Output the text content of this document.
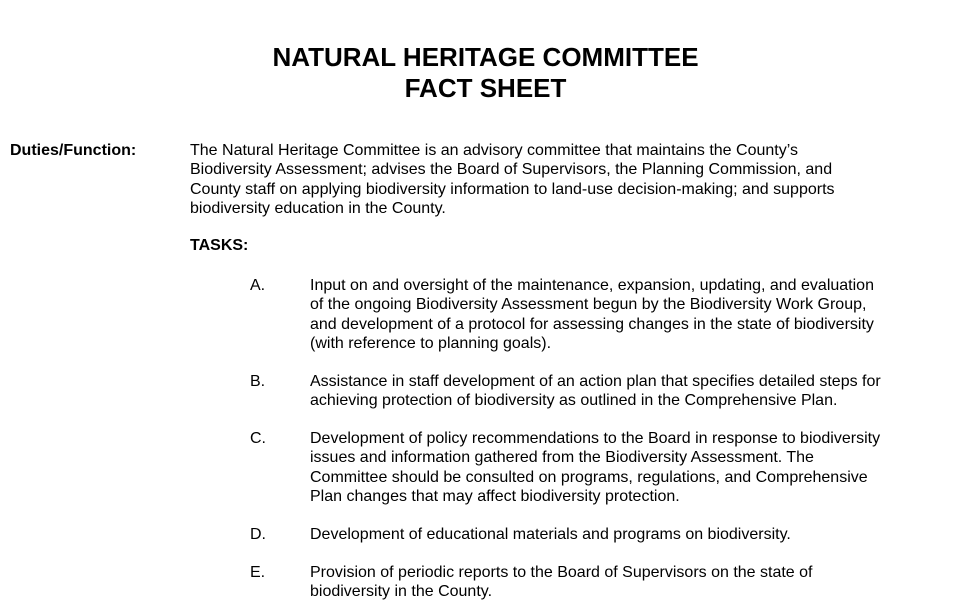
NATURAL HERITAGE COMMITTEE
FACT SHEET
Duties/Function:	The Natural Heritage Committee is an advisory committee that maintains the County’s
Biodiversity Assessment; advises the Board of Supervisors, the Planning Commission, and
County staff on applying biodiversity information to land-use decision-making; and supports
biodiversity education in the County.

TASKS:
A.	Input on and oversight of the maintenance, expansion, updating, and evaluation
of the ongoing Biodiversity Assessment begun by the Biodiversity Work Group,
and development of a protocol for assessing changes in the state of biodiversity
(with reference to planning goals).
B.	Assistance in staff development of an action plan that specifies detailed steps for
achieving protection of biodiversity as outlined in the Comprehensive Plan.
C.	Development of policy recommendations to the Board in response to biodiversity
issues and information gathered from the Biodiversity Assessment. The
Committee should be consulted on programs, regulations, and Comprehensive
Plan changes that may affect biodiversity protection.
D.	Development of educational materials and programs on biodiversity.
E.	Provision of periodic reports to the Board of Supervisors on the state of
biodiversity in the County.
